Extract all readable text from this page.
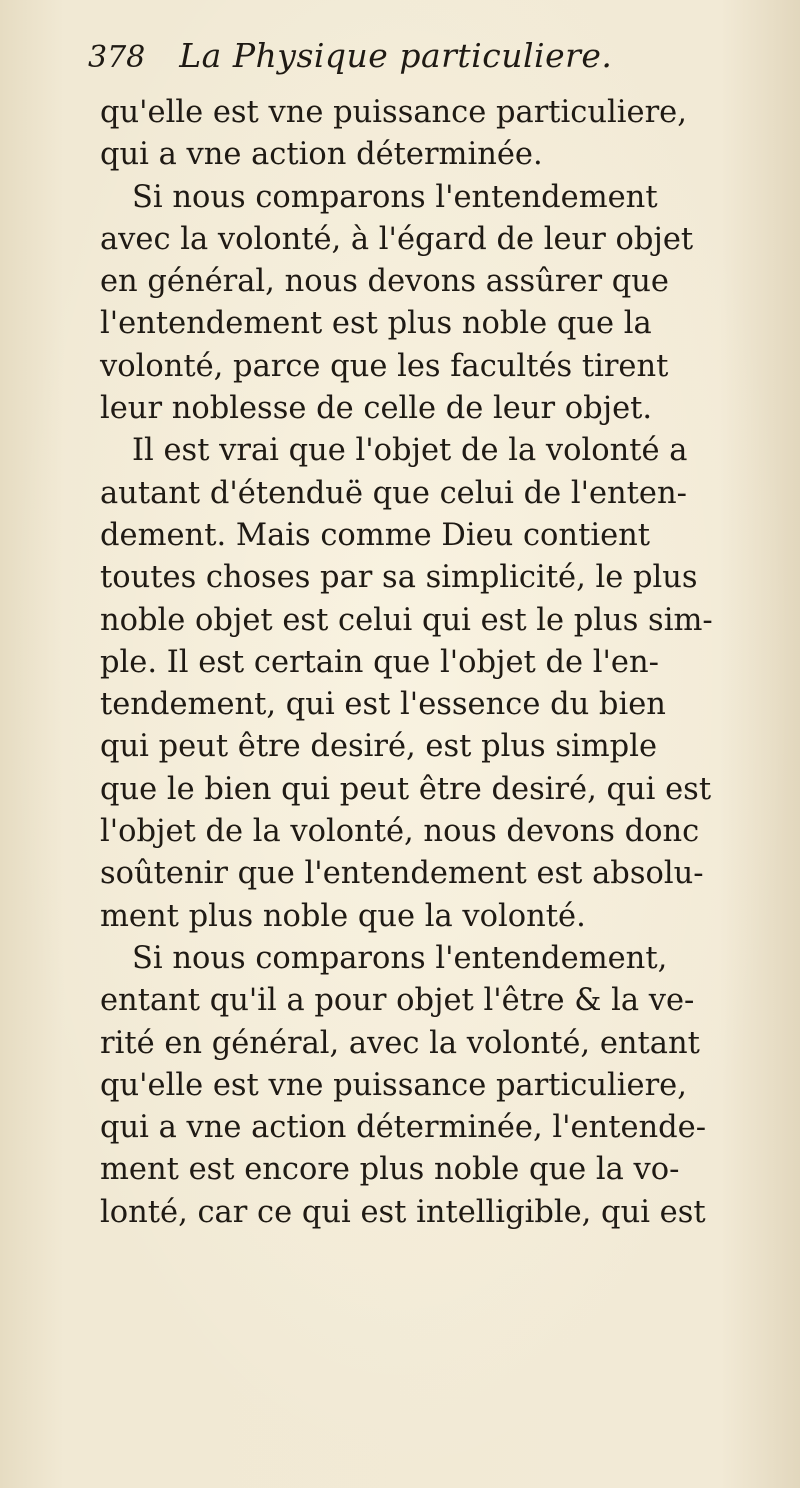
378 La Physique particuliere.
qu'elle est vne puissance particuliere,
qui a vne action déterminée.
Si nous comparons l'entendement
avec la volonté, à l'égard de leur objet
en général, nous devons assûrer que
l'entendement est plus noble que la
volonté, parce que les facultés tirent
leur noblesse de celle de leur objet.
Il est vrai que l'objet de la volonté a
autant d'étenduë que celui de l'enten-
dement. Mais comme Dieu contient
toutes choses par sa simplicité, le plus
noble objet est celui qui est le plus sim-
ple. Il est certain que l'objet de l'en-
tendement, qui est l'essence du bien
qui peut être desiré, est plus simple
que le bien qui peut être desiré, qui est
l'objet de la volonté, nous devons donc
soûtenir que l'entendement est absolu-
ment plus noble que la volonté.
Si nous comparons l'entendement,
entant qu'il a pour objet l'être & la ve-
rité en général, avec la volonté, entant
qu'elle est vne puissance particuliere,
qui a vne action déterminée, l'entende-
ment est encore plus noble que la vo-
lonté, car ce qui est intelligible, qui est
